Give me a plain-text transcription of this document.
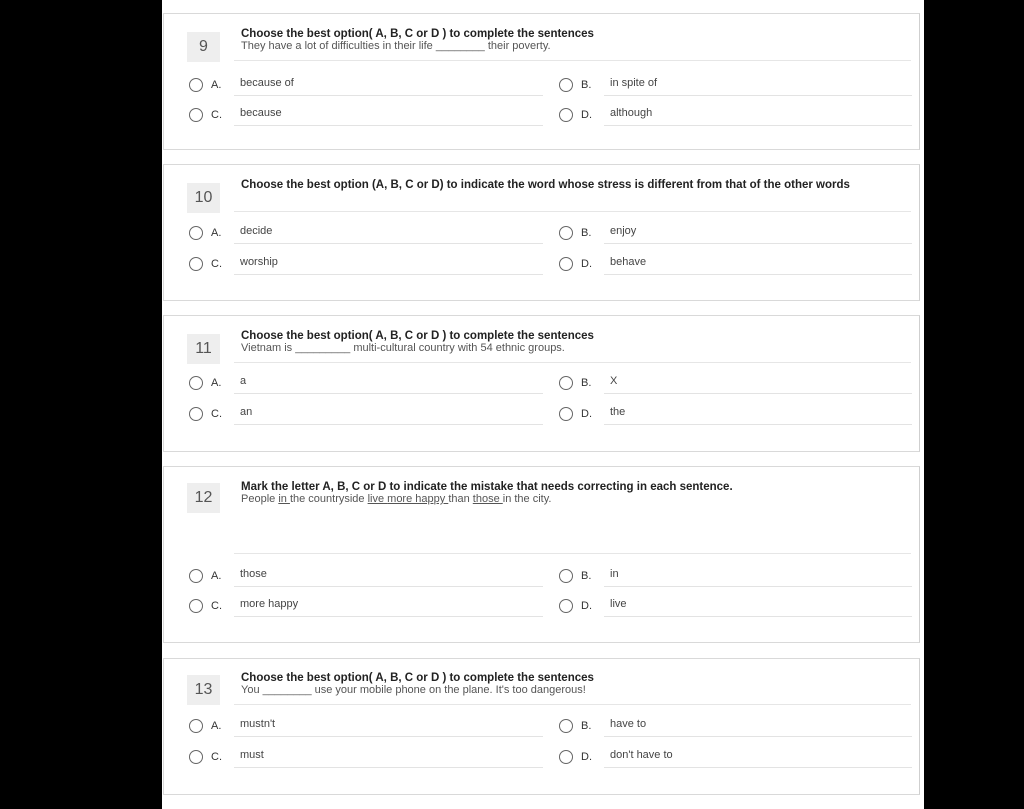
9
Choose the best option( A, B, C or D ) to complete the sentences
They have a lot of difficulties in their life ________ their poverty.
A. because of	B. in spite of
C. because	D. although
10
Choose the best option (A, B, C or D) to indicate the word whose stress is different from that of the other words
A. decide	B. enjoy
C. worship	D. behave
11
Choose the best option( A, B, C or D ) to complete the sentences
Vietnam is _________ multi-cultural country with 54 ethnic groups.
A. a	B. X
C. an	D. the
12
Mark the letter A, B, C or D to indicate the mistake that needs correcting in each sentence.
People in the countryside live more happy than those in the city.
A. those	B. in
C. more happy	D. live
13
Choose the best option( A, B, C or D ) to complete the sentences
You ________ use your mobile phone on the plane. It's too dangerous!
A. mustn't	B. have to
C. must	D. don't have to
